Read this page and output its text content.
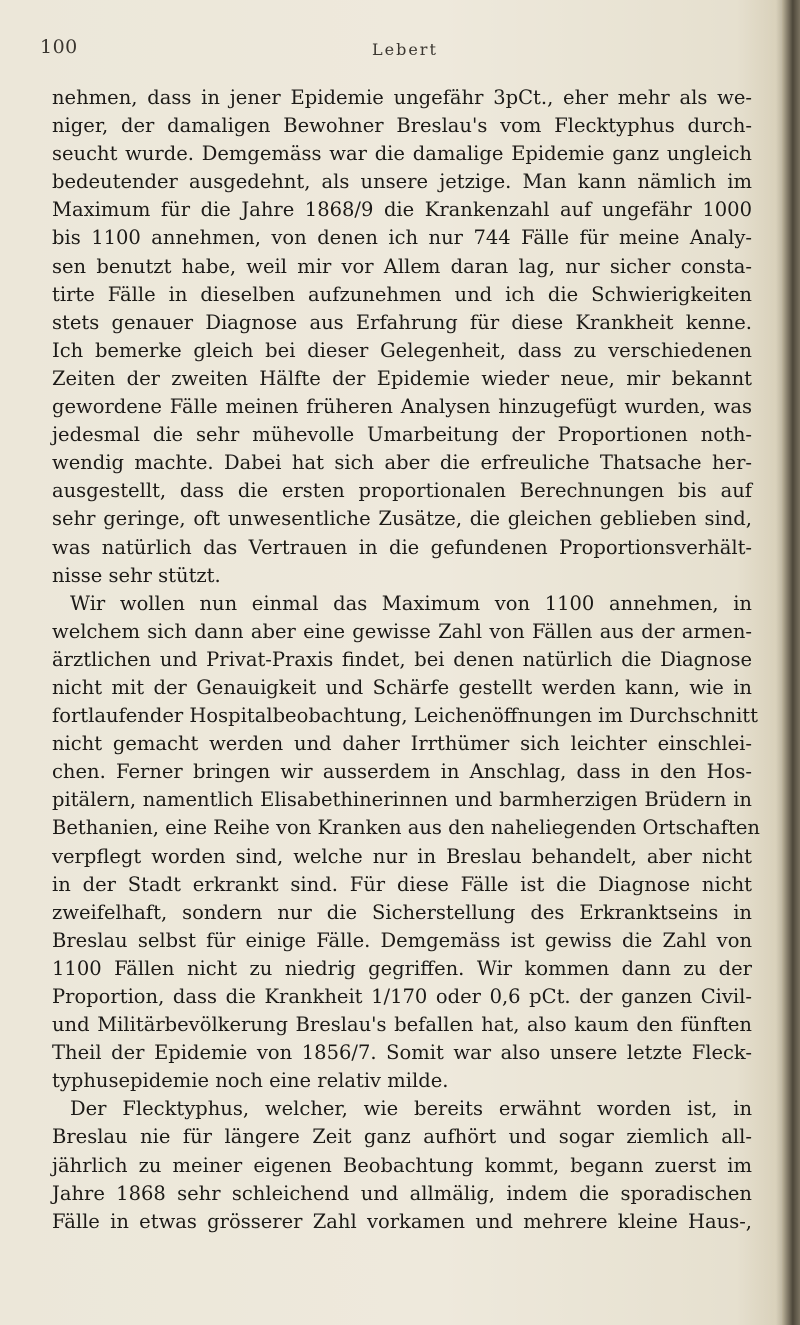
100	Lebert
nehmen, dass in jener Epidemie ungefähr 3pCt., eher mehr als we-
niger, der damaligen Bewohner Breslau's vom Flecktyphus durch-
seucht wurde. Demgemäss war die damalige Epidemie ganz ungleich
bedeutender ausgedehnt, als unsere jetzige. Man kann nämlich im
Maximum für die Jahre 1868/9 die Krankenzahl auf ungefähr 1000
bis 1100 annehmen, von denen ich nur 744 Fälle für meine Analy-
sen benutzt habe, weil mir vor Allem daran lag, nur sicher consta-
tirte Fälle in dieselben aufzunehmen und ich die Schwierigkeiten
stets genauer Diagnose aus Erfahrung für diese Krankheit kenne.
Ich bemerke gleich bei dieser Gelegenheit, dass zu verschiedenen
Zeiten der zweiten Hälfte der Epidemie wieder neue, mir bekannt
gewordene Fälle meinen früheren Analysen hinzugefügt wurden, was
jedesmal die sehr mühevolle Umarbeitung der Proportionen noth-
wendig machte. Dabei hat sich aber die erfreuliche Thatsache her-
ausgestellt, dass die ersten proportionalen Berechnungen bis auf
sehr geringe, oft unwesentliche Zusätze, die gleichen geblieben sind,
was natürlich das Vertrauen in die gefundenen Proportionsverhält-
nisse sehr stützt.
Wir wollen nun einmal das Maximum von 1100 annehmen, in
welchem sich dann aber eine gewisse Zahl von Fällen aus der armen-
ärztlichen und Privat-Praxis findet, bei denen natürlich die Diagnose
nicht mit der Genauigkeit und Schärfe gestellt werden kann, wie in
fortlaufender Hospitalbeobachtung, Leichenöffnungen im Durchschnitt
nicht gemacht werden und daher Irrthümer sich leichter einschlei-
chen. Ferner bringen wir ausserdem in Anschlag, dass in den Hos-
pitälern, namentlich Elisabethinerinnen und barmherzigen Brüdern in
Bethanien, eine Reihe von Kranken aus den naheliegenden Ortschaften
verpflegt worden sind, welche nur in Breslau behandelt, aber nicht
in der Stadt erkrankt sind. Für diese Fälle ist die Diagnose nicht
zweifelhaft, sondern nur die Sicherstellung des Erkranktseins in
Breslau selbst für einige Fälle. Demgemäss ist gewiss die Zahl von
1100 Fällen nicht zu niedrig gegriffen. Wir kommen dann zu der
Proportion, dass die Krankheit 1/170 oder 0,6 pCt. der ganzen Civil-
und Militärbevölkerung Breslau's befallen hat, also kaum den fünften
Theil der Epidemie von 1856/7. Somit war also unsere letzte Fleck-
typhusepidemie noch eine relativ milde.
Der Flecktyphus, welcher, wie bereits erwähnt worden ist, in
Breslau nie für längere Zeit ganz aufhört und sogar ziemlich all-
jährlich zu meiner eigenen Beobachtung kommt, begann zuerst im
Jahre 1868 sehr schleichend und allmälig, indem die sporadischen
Fälle in etwas grösserer Zahl vorkamen und mehrere kleine Haus-,
